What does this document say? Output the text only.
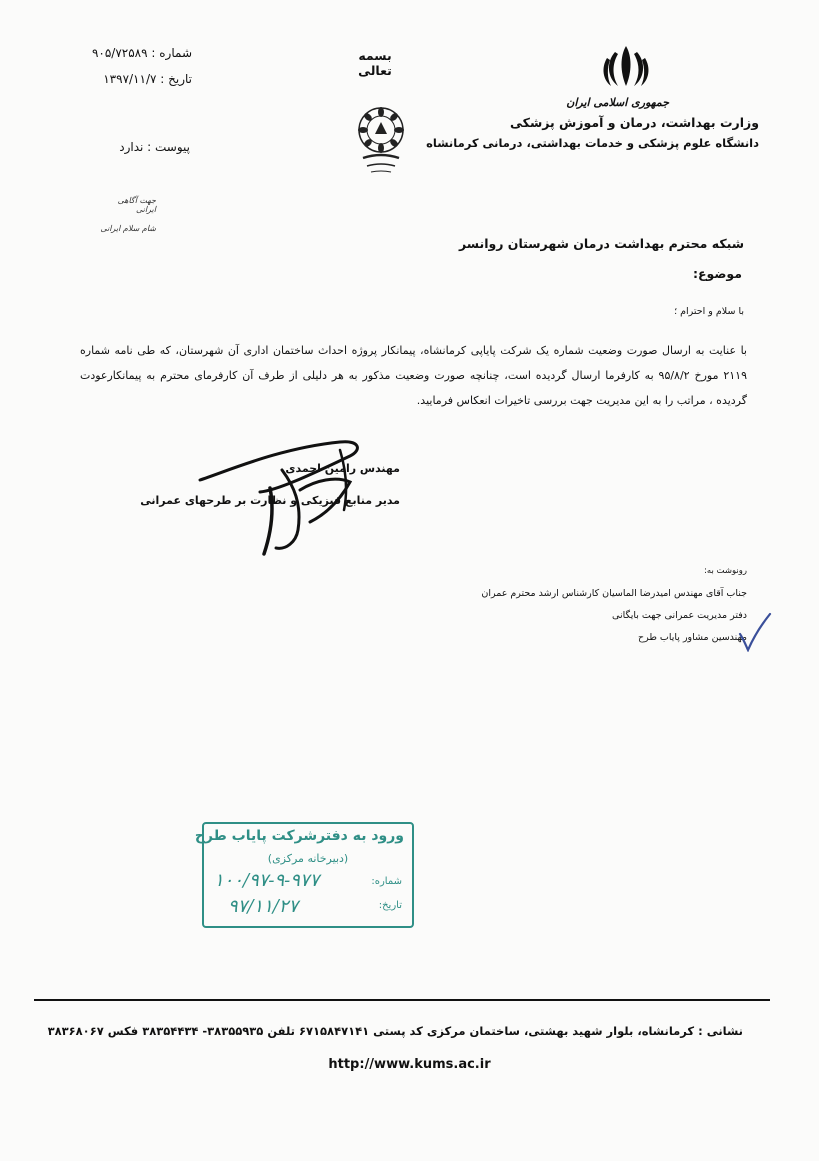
جمهوری اسلامی ایران
وزارت بهداشت، درمان و آموزش پزشکی
دانشگاه علوم پزشکی و خدمات بهداشتی، درمانی کرمانشاه
بسمه تعالی
شماره : ۹۰۵/۷۲۵۸۹
تاریخ : ۱۳۹۷/۱۱/۷
پیوست : ندارد
جهت آگاهی ایرانی
شام سلام ایرانی
شبکه محترم بهداشت درمان شهرستان روانسر
موضوع:
با سلام و احترام ؛
با عنایت به ارسال صورت وضعیت شماره یک شرکت پایاپی کرمانشاه، پیمانکار پروژه احداث ساختمان اداری آن شهرستان، که طی نامه شماره ۲۱۱۹ مورخ ۹۵/۸/۲ به کارفرما ارسال گردیده است، چنانچه صورت وضعیت مذکور به هر دلیلی از طرف آن کارفرمای محترم به پیمانکارعودت گردیده ، مراتب را به این مدیریت جهت بررسی تاخیرات انعکاس فرمایید.
مهندس رامین احمدی
مدیر منابع فیزیکی و نظارت بر طرحهای عمرانی
رونوشت به:
جناب آقای مهندس امیدرضا الماسیان کارشناس ارشد محترم عمران
دفتر مدیریت عمرانی جهت بایگانی
مهندسین مشاور پایاب طرح
ورود به دفترشرکت پایاب طرح
(دبیرخانه مرکزی)
شماره:
تاریخ:
۱۰۰/۹۷-۹-۹۷۷
۹۷/۱۱/۲۷
نشانی : کرمانشاه، بلوار شهید بهشتی، ساختمان مرکزی کد پستی ۶۷۱۵۸۴۷۱۴۱ تلفن ۳۸۳۵۵۹۳۵- ۳۸۳۵۴۴۳۴ فکس ۳۸۳۶۸۰۶۷
http://www.kums.ac.ir
